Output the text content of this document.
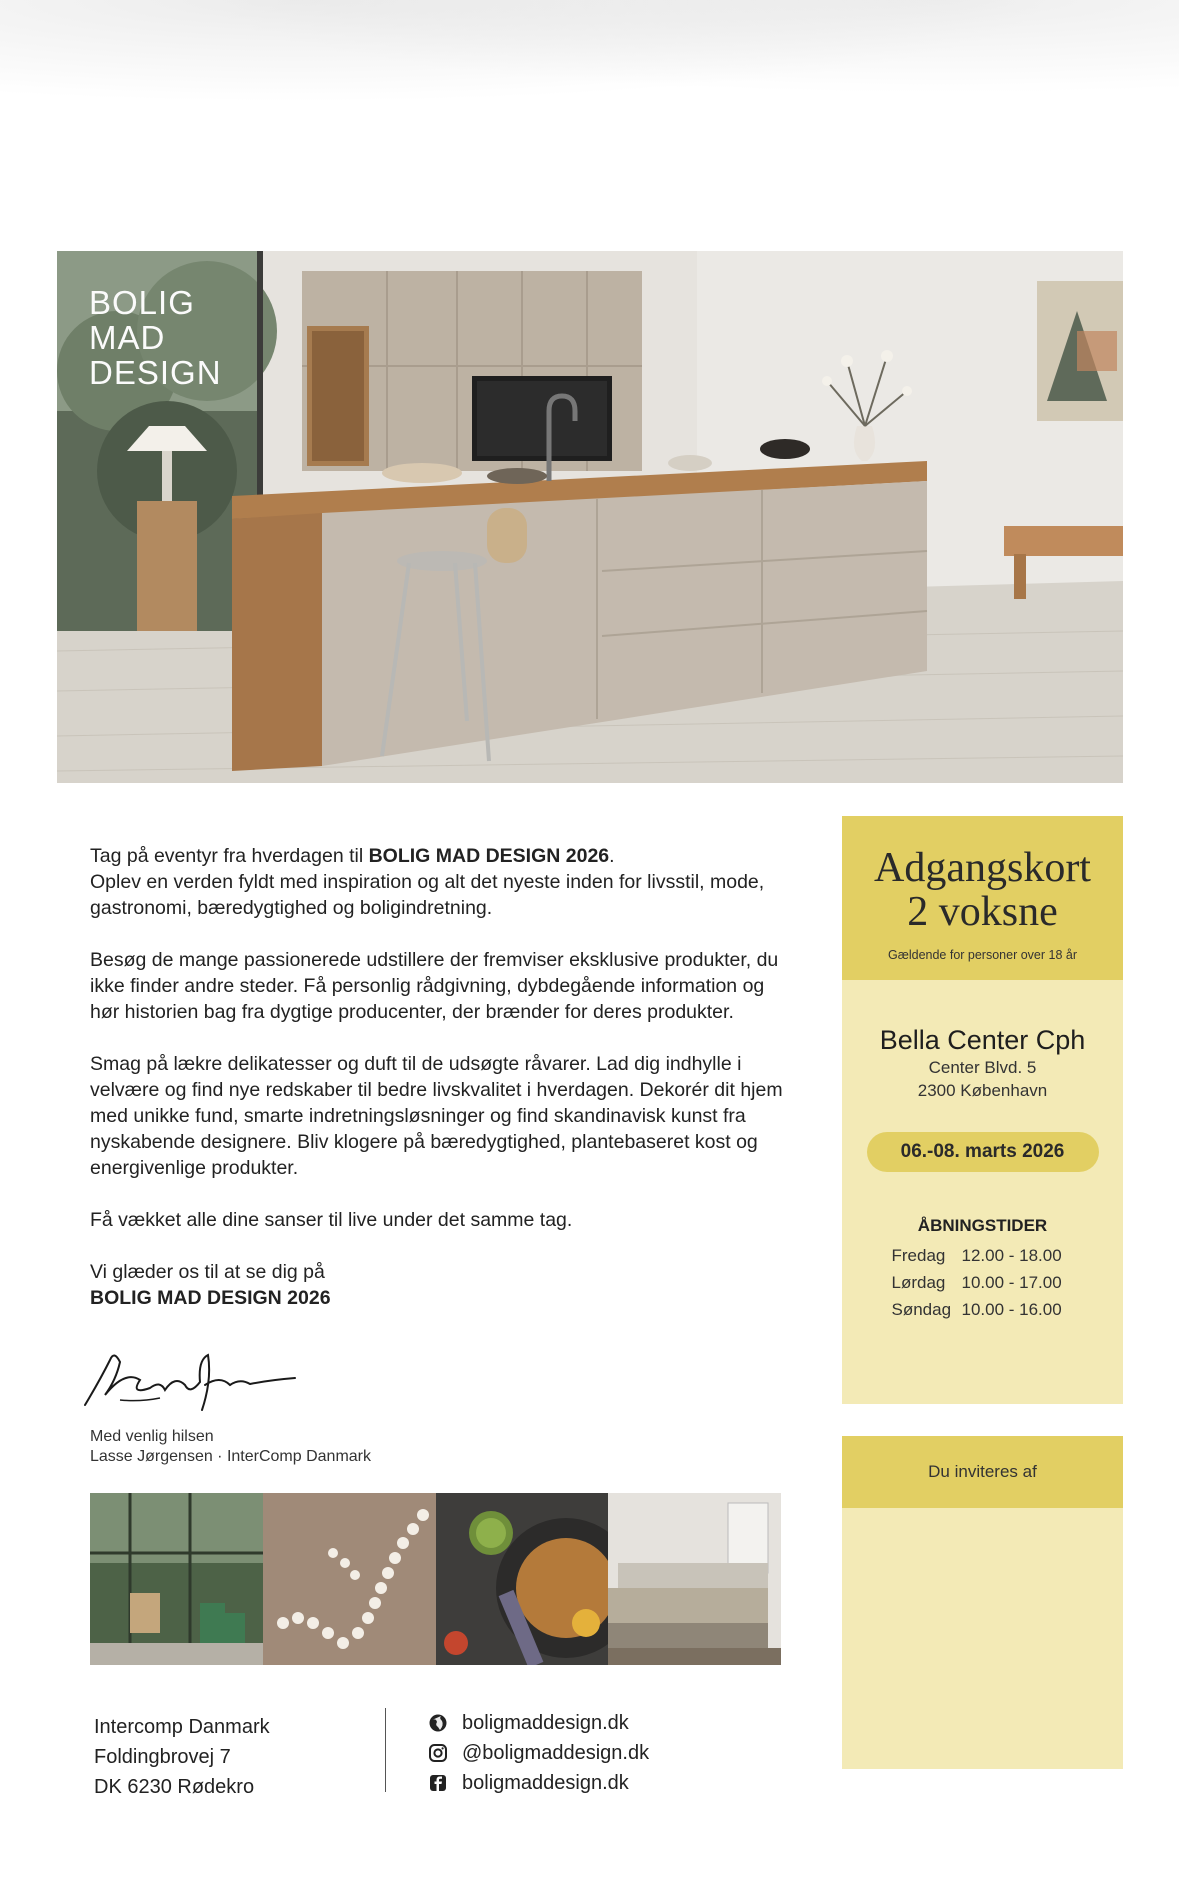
BOLIG
MAD
DESIGN

Tag på eventyr fra hverdagen til BOLIG MAD DESIGN 2026.
Oplev en verden fyldt med inspiration og alt det nyeste inden for livsstil, mode, gastronomi, bæredygtighed og boligindretning.

Besøg de mange passionerede udstillere der fremviser eksklusive produkter, du ikke finder andre steder. Få personlig rådgivning, dybdegående information og hør historien bag fra dygtige producenter, der brænder for deres produkter.

Smag på lækre delikatesser og duft til de udsøgte råvarer. Lad dig indhylle i velvære og find nye redskaber til bedre livskvalitet i hverdagen. Dekorér dit hjem med unikke fund, smarte indretningsløsninger og find skandinavisk kunst fra nyskabende designere. Bliv klogere på bæredygtighed, plantebaseret kost og energivenlige produkter.

Få vækket alle dine sanser til live under det samme tag.

Vi glæder os til at se dig på
BOLIG MAD DESIGN 2026

Med venlig hilsen
Lasse Jørgensen · InterComp Danmark
Intercomp Danmark
Foldingbrovej 7
DK 6230 Rødekro
boligmaddesign.dk
@boligmaddesign.dk
boligmaddesign.dk
Adgangskort
2 voksne
Gældende for personer over 18 år
Bella Center Cph
Center Blvd. 5
2300 København
06.-08. marts 2026
ÅBNINGSTIDER
Fredag 12.00 - 18.00
Lørdag 10.00 - 17.00
Søndag 10.00 - 16.00
Du inviteres af
